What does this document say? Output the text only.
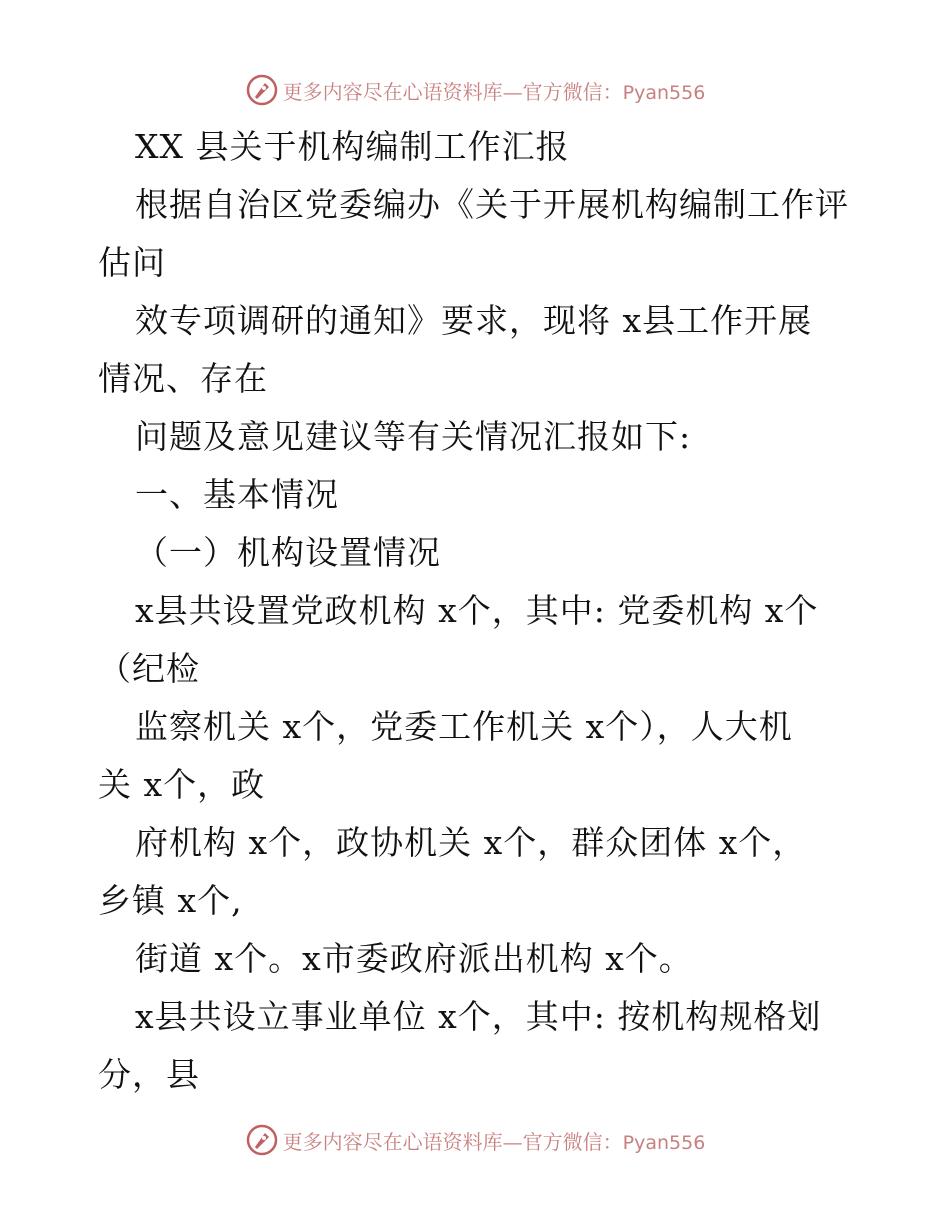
更多内容尽在心语资料库—官方微信：Pyan556
XX 县关于机构编制工作汇报
根据自治区党委编办《关于开展机构编制工作评
估问
效专项调研的通知》要求，现将 x县工作开展
情况、存在
问题及意见建议等有关情况汇报如下:
一、基本情况
（一）机构设置情况
x县共设置党政机构 x个，其中: 党委机构 x个
（纪检
监察机关 x个，党委工作机关 x个），人大机
关 x个，政
府机构 x个，政协机关 x个，群众团体 x个，
乡镇 x个,
街道 x个。x市委政府派出机构 x个。
x县共设立事业单位 x个，其中: 按机构规格划
分，县
更多内容尽在心语资料库—官方微信：Pyan556
